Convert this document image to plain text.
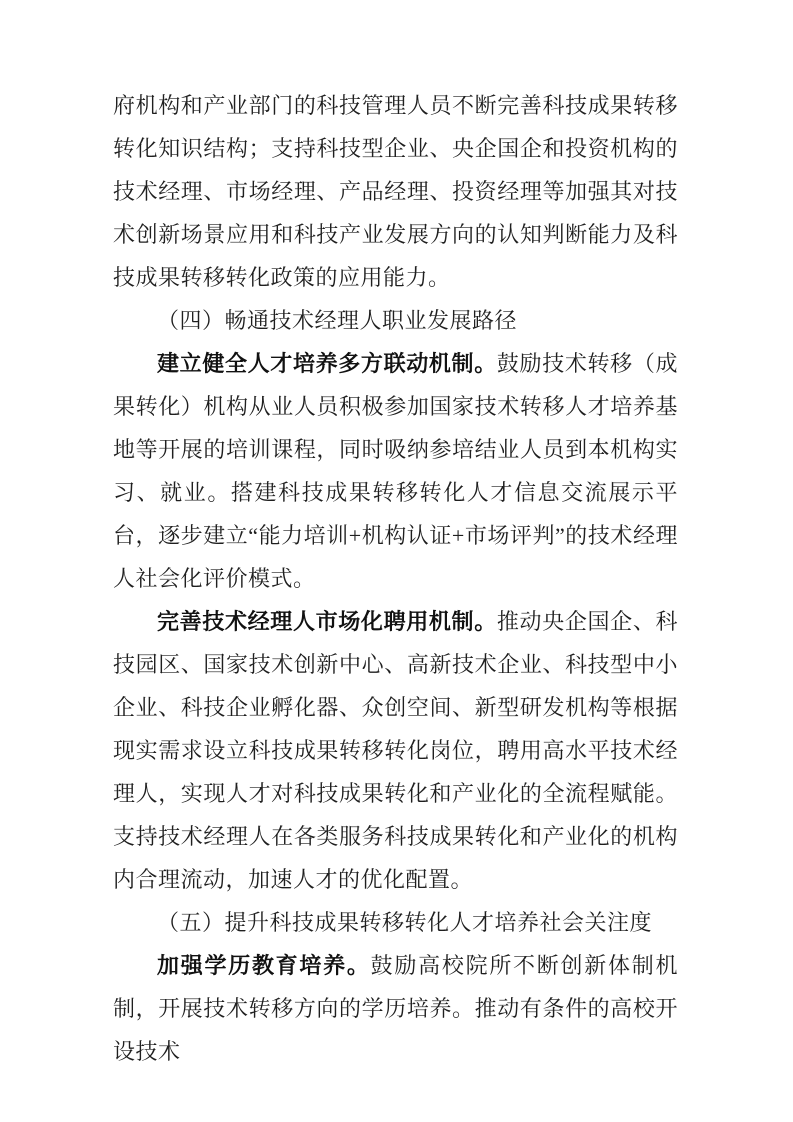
府机构和产业部门的科技管理人员不断完善科技成果转移转化知识结构；支持科技型企业、央企国企和投资机构的技术经理、市场经理、产品经理、投资经理等加强其对技术创新场景应用和科技产业发展方向的认知判断能力及科技成果转移转化政策的应用能力。

（四）畅通技术经理人职业发展路径

建立健全人才培养多方联动机制。鼓励技术转移（成果转化）机构从业人员积极参加国家技术转移人才培养基地等开展的培训课程，同时吸纳参培结业人员到本机构实习、就业。搭建科技成果转移转化人才信息交流展示平台，逐步建立“能力培训+机构认证+市场评判”的技术经理人社会化评价模式。

完善技术经理人市场化聘用机制。推动央企国企、科技园区、国家技术创新中心、高新技术企业、科技型中小企业、科技企业孵化器、众创空间、新型研发机构等根据现实需求设立科技成果转移转化岗位，聘用高水平技术经理人，实现人才对科技成果转化和产业化的全流程赋能。支持技术经理人在各类服务科技成果转化和产业化的机构内合理流动，加速人才的优化配置。

（五）提升科技成果转移转化人才培养社会关注度

加强学历教育培养。鼓励高校院所不断创新体制机制，开展技术转移方向的学历培养。推动有条件的高校开设技术
